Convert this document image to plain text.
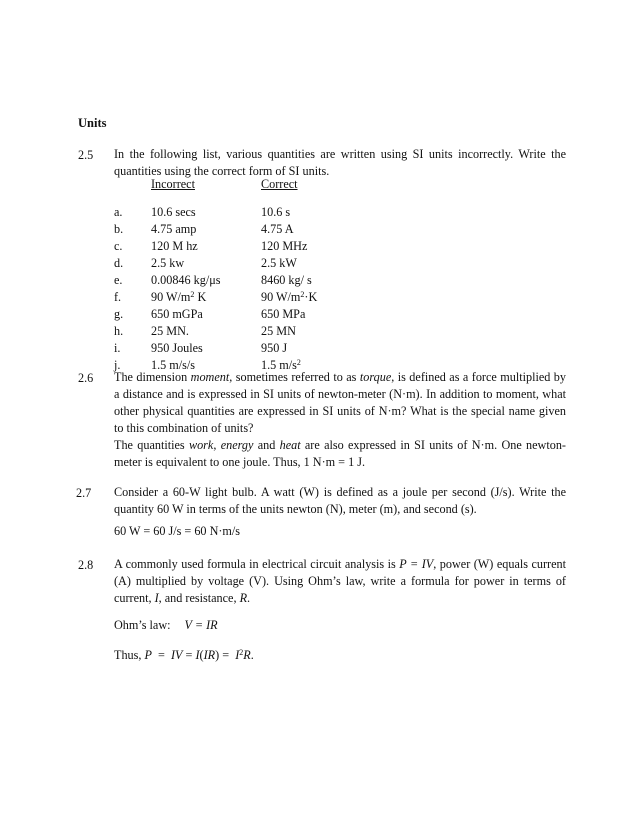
Units
2.5 In the following list, various quantities are written using SI units incorrectly. Write the quantities using the correct form of SI units.
Incorrect	Correct
a. 10.6 secs	10.6 s
b. 4.75 amp	4.75 A
c. 120 M hz	120 MHz
d. 2.5 kw	2.5 kW
e. 0.00846 kg/μs	8460 kg/ s
f. 90 $W/m^2$ K	90 $W/m^2\cdot K$
g. 650 mGPa	650 MPa
h. 25 MN.	25 MN
i.	950 Joules	950 J
j.	1.5 m/s/s	1.5 $m/s^2$
2.6 The dimension moment, sometimes referred to as torque, is defined as a force multiplied by a distance and is expressed in SI units of newton-meter (N·m). In addition to moment, what other physical quantities are expressed in SI units of N·m? What is the special name given to this combination of units?
The quantities work, energy and heat are also expressed in SI units of N·m. One newton-meter is equivalent to one joule. Thus, 1 N·m = 1 J.
2.7 Consider a 60-W light bulb. A watt (W) is defined as a joule per second (J/s). Write the quantity 60 W in terms of the units newton (N), meter (m), and second (s).
60 W = 60 J/s = 60 N·m/s
2.8 A commonly used formula in electrical circuit analysis is P = IV, power (W) equals current (A) multiplied by voltage (V). Using Ohm’s law, write a formula for power in terms of current, I, and resistance, R.
Ohm’s law: V = IR
Thus, P  =  IV = $I(IR) = I^2R$.
